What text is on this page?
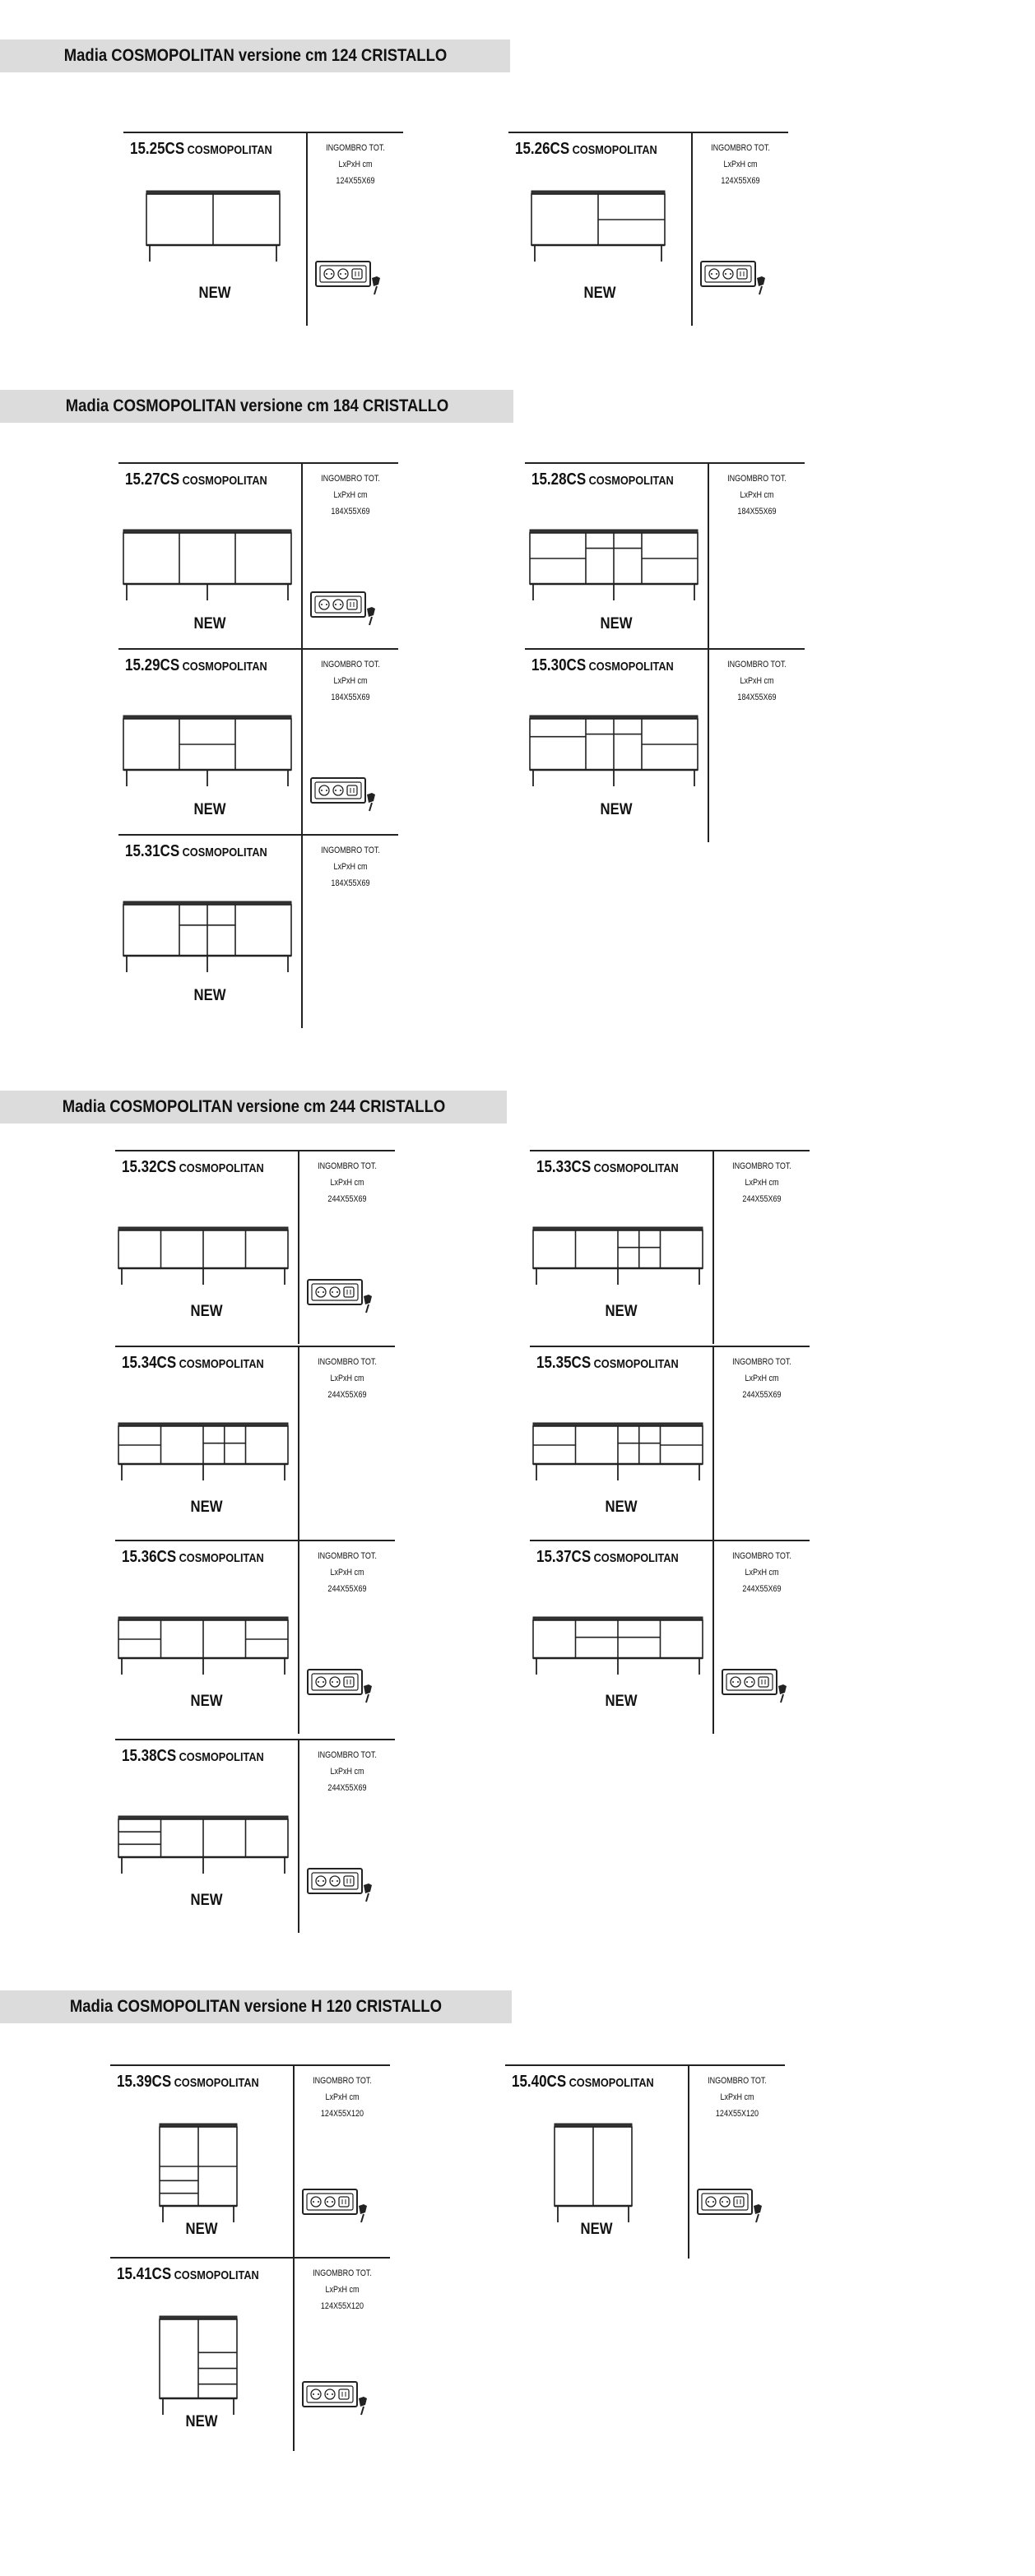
Madia COSMOPOLITAN versione cm 124 CRISTALLO
Madia COSMOPOLITAN versione cm 184 CRISTALLO
Madia COSMOPOLITAN versione cm 244 CRISTALLO
Madia COSMOPOLITAN versione H 120 CRISTALLO
15.25CS COSMOPOLITAN	INGOMBRO TOT.
LxPxH cm
124X55X69
NEW
15.26CS COSMOPOLITAN	INGOMBRO TOT.
LxPxH cm
124X55X69
NEW
15.27CS COSMOPOLITAN	INGOMBRO TOT.
LxPxH cm
184X55X69
NEW
15.28CS COSMOPOLITAN	INGOMBRO TOT.
LxPxH cm
184X55X69
NEW
15.29CS COSMOPOLITAN	INGOMBRO TOT.
LxPxH cm
184X55X69
NEW
15.30CS COSMOPOLITAN	INGOMBRO TOT.
LxPxH cm
184X55X69
NEW
15.31CS COSMOPOLITAN	INGOMBRO TOT.
LxPxH cm
184X55X69
NEW
15.32CS COSMOPOLITAN	INGOMBRO TOT.
LxPxH cm
244X55X69
NEW
15.33CS COSMOPOLITAN	INGOMBRO TOT.
LxPxH cm
244X55X69
NEW
15.34CS COSMOPOLITAN	INGOMBRO TOT.
LxPxH cm
244X55X69
NEW
15.35CS COSMOPOLITAN	INGOMBRO TOT.
LxPxH cm
244X55X69
NEW
15.36CS COSMOPOLITAN	INGOMBRO TOT.
LxPxH cm
244X55X69
NEW
15.37CS COSMOPOLITAN	INGOMBRO TOT.
LxPxH cm
244X55X69
NEW
15.38CS COSMOPOLITAN	INGOMBRO TOT.
LxPxH cm
244X55X69
NEW
15.39CS COSMOPOLITAN	INGOMBRO TOT.
LxPxH cm
124X55X120
NEW
15.40CS COSMOPOLITAN	INGOMBRO TOT.
LxPxH cm
124X55X120
NEW
15.41CS COSMOPOLITAN	INGOMBRO TOT.
LxPxH cm
124X55X120
NEW
